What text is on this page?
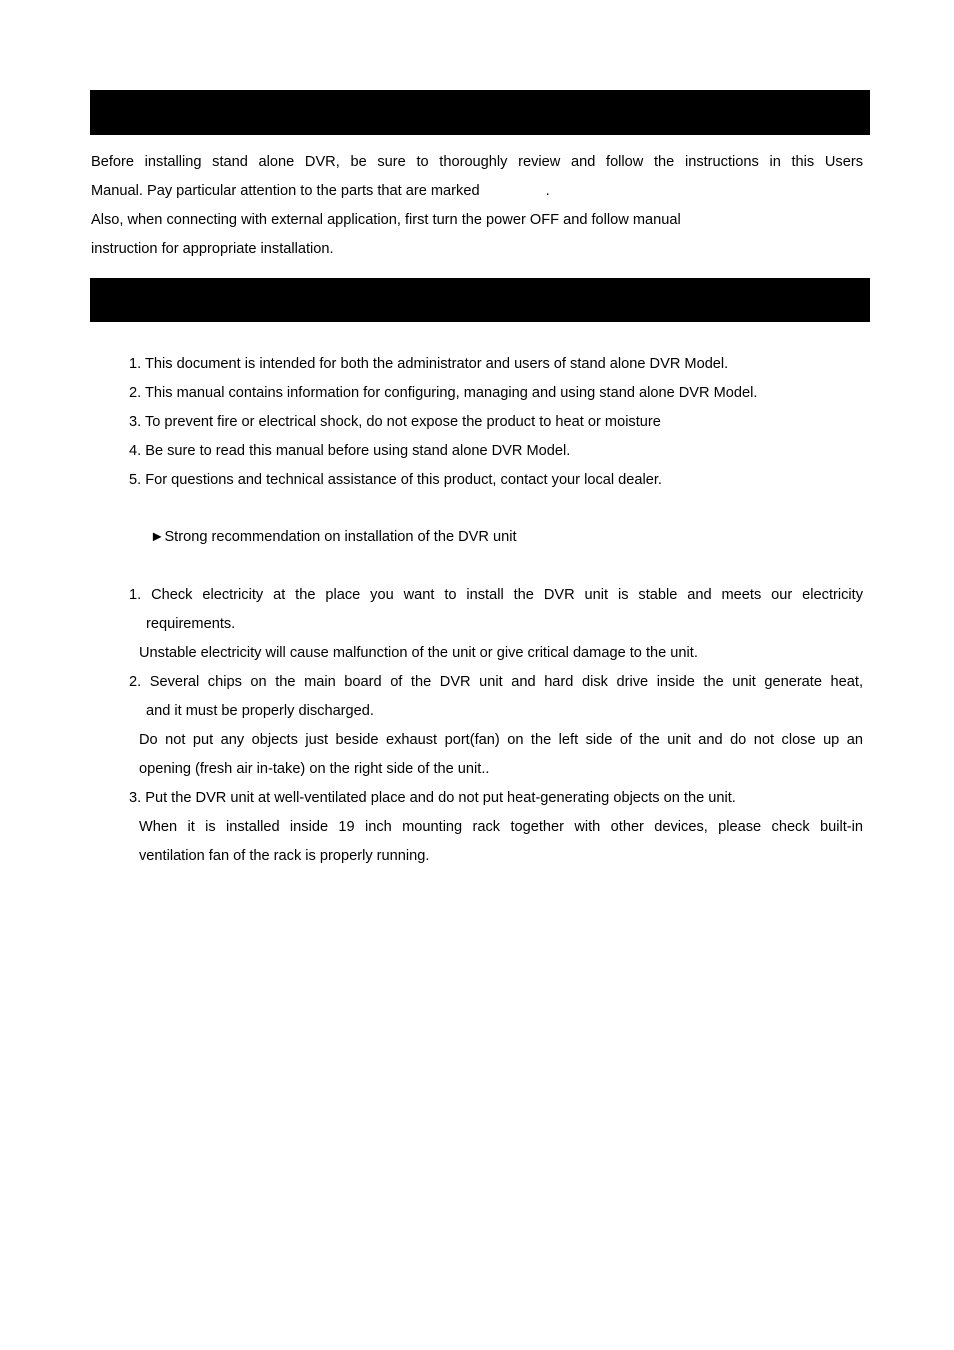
Before installing stand alone DVR, be sure to thoroughly review and follow the instructions in this Users
Manual. Pay particular attention to the parts that are marked	.
Also, when connecting with external application, first turn the power OFF and follow manual
instruction for appropriate installation.
1. This document is intended for both the administrator and users of stand alone DVR Model.
2. This manual contains information for configuring, managing and using stand alone DVR Model.
3. To prevent fire or electrical shock, do not expose the product to heat or moisture
4. Be sure to read this manual before using stand alone DVR Model.
5. For questions and technical assistance of this product, contact your local dealer.
►Strong recommendation on installation of the DVR unit
1. Check electricity at the place you want to install the DVR unit is stable and meets our electricity
requirements.
Unstable electricity will cause malfunction of the unit or give critical damage to the unit.
2. Several chips on the main board of the DVR unit and hard disk drive inside the unit generate heat,
and it must be properly discharged.
Do not put any objects just beside exhaust port(fan) on the left side of the unit and do not close up an
opening (fresh air in-take) on the right side of the unit..
3. Put the DVR unit at well-ventilated place and do not put heat-generating objects on the unit.
When it is installed inside 19 inch mounting rack together with other devices, please check built-in
ventilation fan of the rack is properly running.
